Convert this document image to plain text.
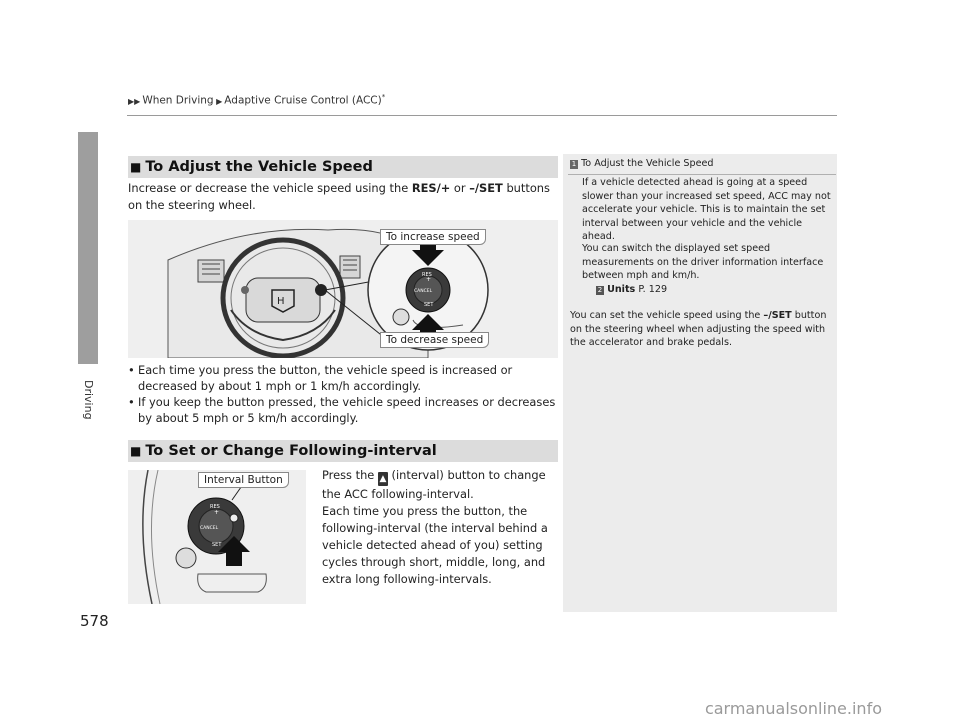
▶▶ When Driving ▶ Adaptive Cruise Control (ACC)*
Driving
578
■ To Adjust the Vehicle Speed
Increase or decrease the vehicle speed using the RES/+ or –/SET buttons on the steering wheel.
H
RES
+
CANCEL
SET
To increase speed
To decrease speed
• Each time you press the button, the vehicle speed is increased or decreased by about 1 mph or 1 km/h accordingly.
• If you keep the button pressed, the vehicle speed increases or decreases by about 5 mph or 5 km/h accordingly.
■ To Set or Change Following-interval
RES
+
CANCEL
SET
Interval Button	Press the ▲ (interval) button to change the ACC following-interval.
Each time you press the button, the following-interval (the interval behind a vehicle detected ahead of you) setting cycles through short, middle, long, and extra long following-intervals.
1 To Adjust the Vehicle Speed
If a vehicle detected ahead is going at a speed slower than your increased set speed, ACC may not accelerate your vehicle. This is to maintain the set interval between your vehicle and the vehicle ahead.
You can switch the displayed set speed measurements on the driver information interface between mph and km/h.
2 Units P. 129
You can set the vehicle speed using the –/SET button on the steering wheel when adjusting the speed with the accelerator and brake pedals.
carmanualsonline.info
